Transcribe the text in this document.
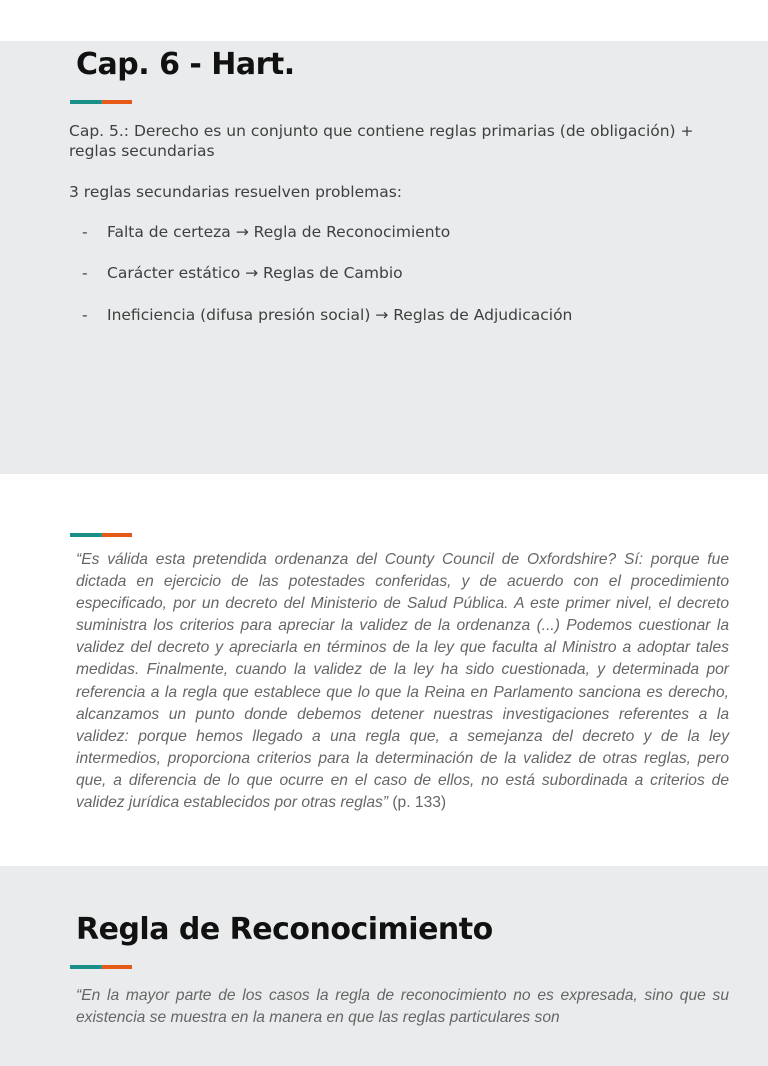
Cap. 6 - Hart.

Cap. 5.: Derecho es un conjunto que contiene reglas primarias (de obligación) + reglas secundarias

3 reglas secundarias resuelven problemas:

- Falta de certeza → Regla de Reconocimiento
- Carácter estático → Reglas de Cambio
- Ineficiencia (difusa presión social) → Reglas de Adjudicación

“Es válida esta pretendida ordenanza del County Council de Oxfordshire? Sí: porque fue dictada en ejercicio de las potestades conferidas, y de acuerdo con el procedimiento especificado, por un decreto del Ministerio de Salud Pública. A este primer nivel, el decreto suministra los criterios para apreciar la validez de la ordenanza (...) Podemos cuestionar la validez del decreto y apreciarla en términos de la ley que faculta al Ministro a adoptar tales medidas. Finalmente, cuando la validez de la ley ha sido cuestionada, y determinada por referencia a la regla que establece que lo que la Reina en Parlamento sanciona es derecho, alcanzamos un punto donde debemos detener nuestras investigaciones referentes a la validez: porque hemos llegado a una regla que, a semejanza del decreto y de la ley intermedios, proporciona criterios para la determinación de la validez de otras reglas, pero que, a diferencia de lo que ocurre en el caso de ellos, no está subordinada a criterios de validez jurídica establecidos por otras reglas” (p. 133)

Regla de Reconocimiento

“En la mayor parte de los casos la regla de reconocimiento no es expresada, sino que su existencia se muestra en la manera en que las reglas particulares son
